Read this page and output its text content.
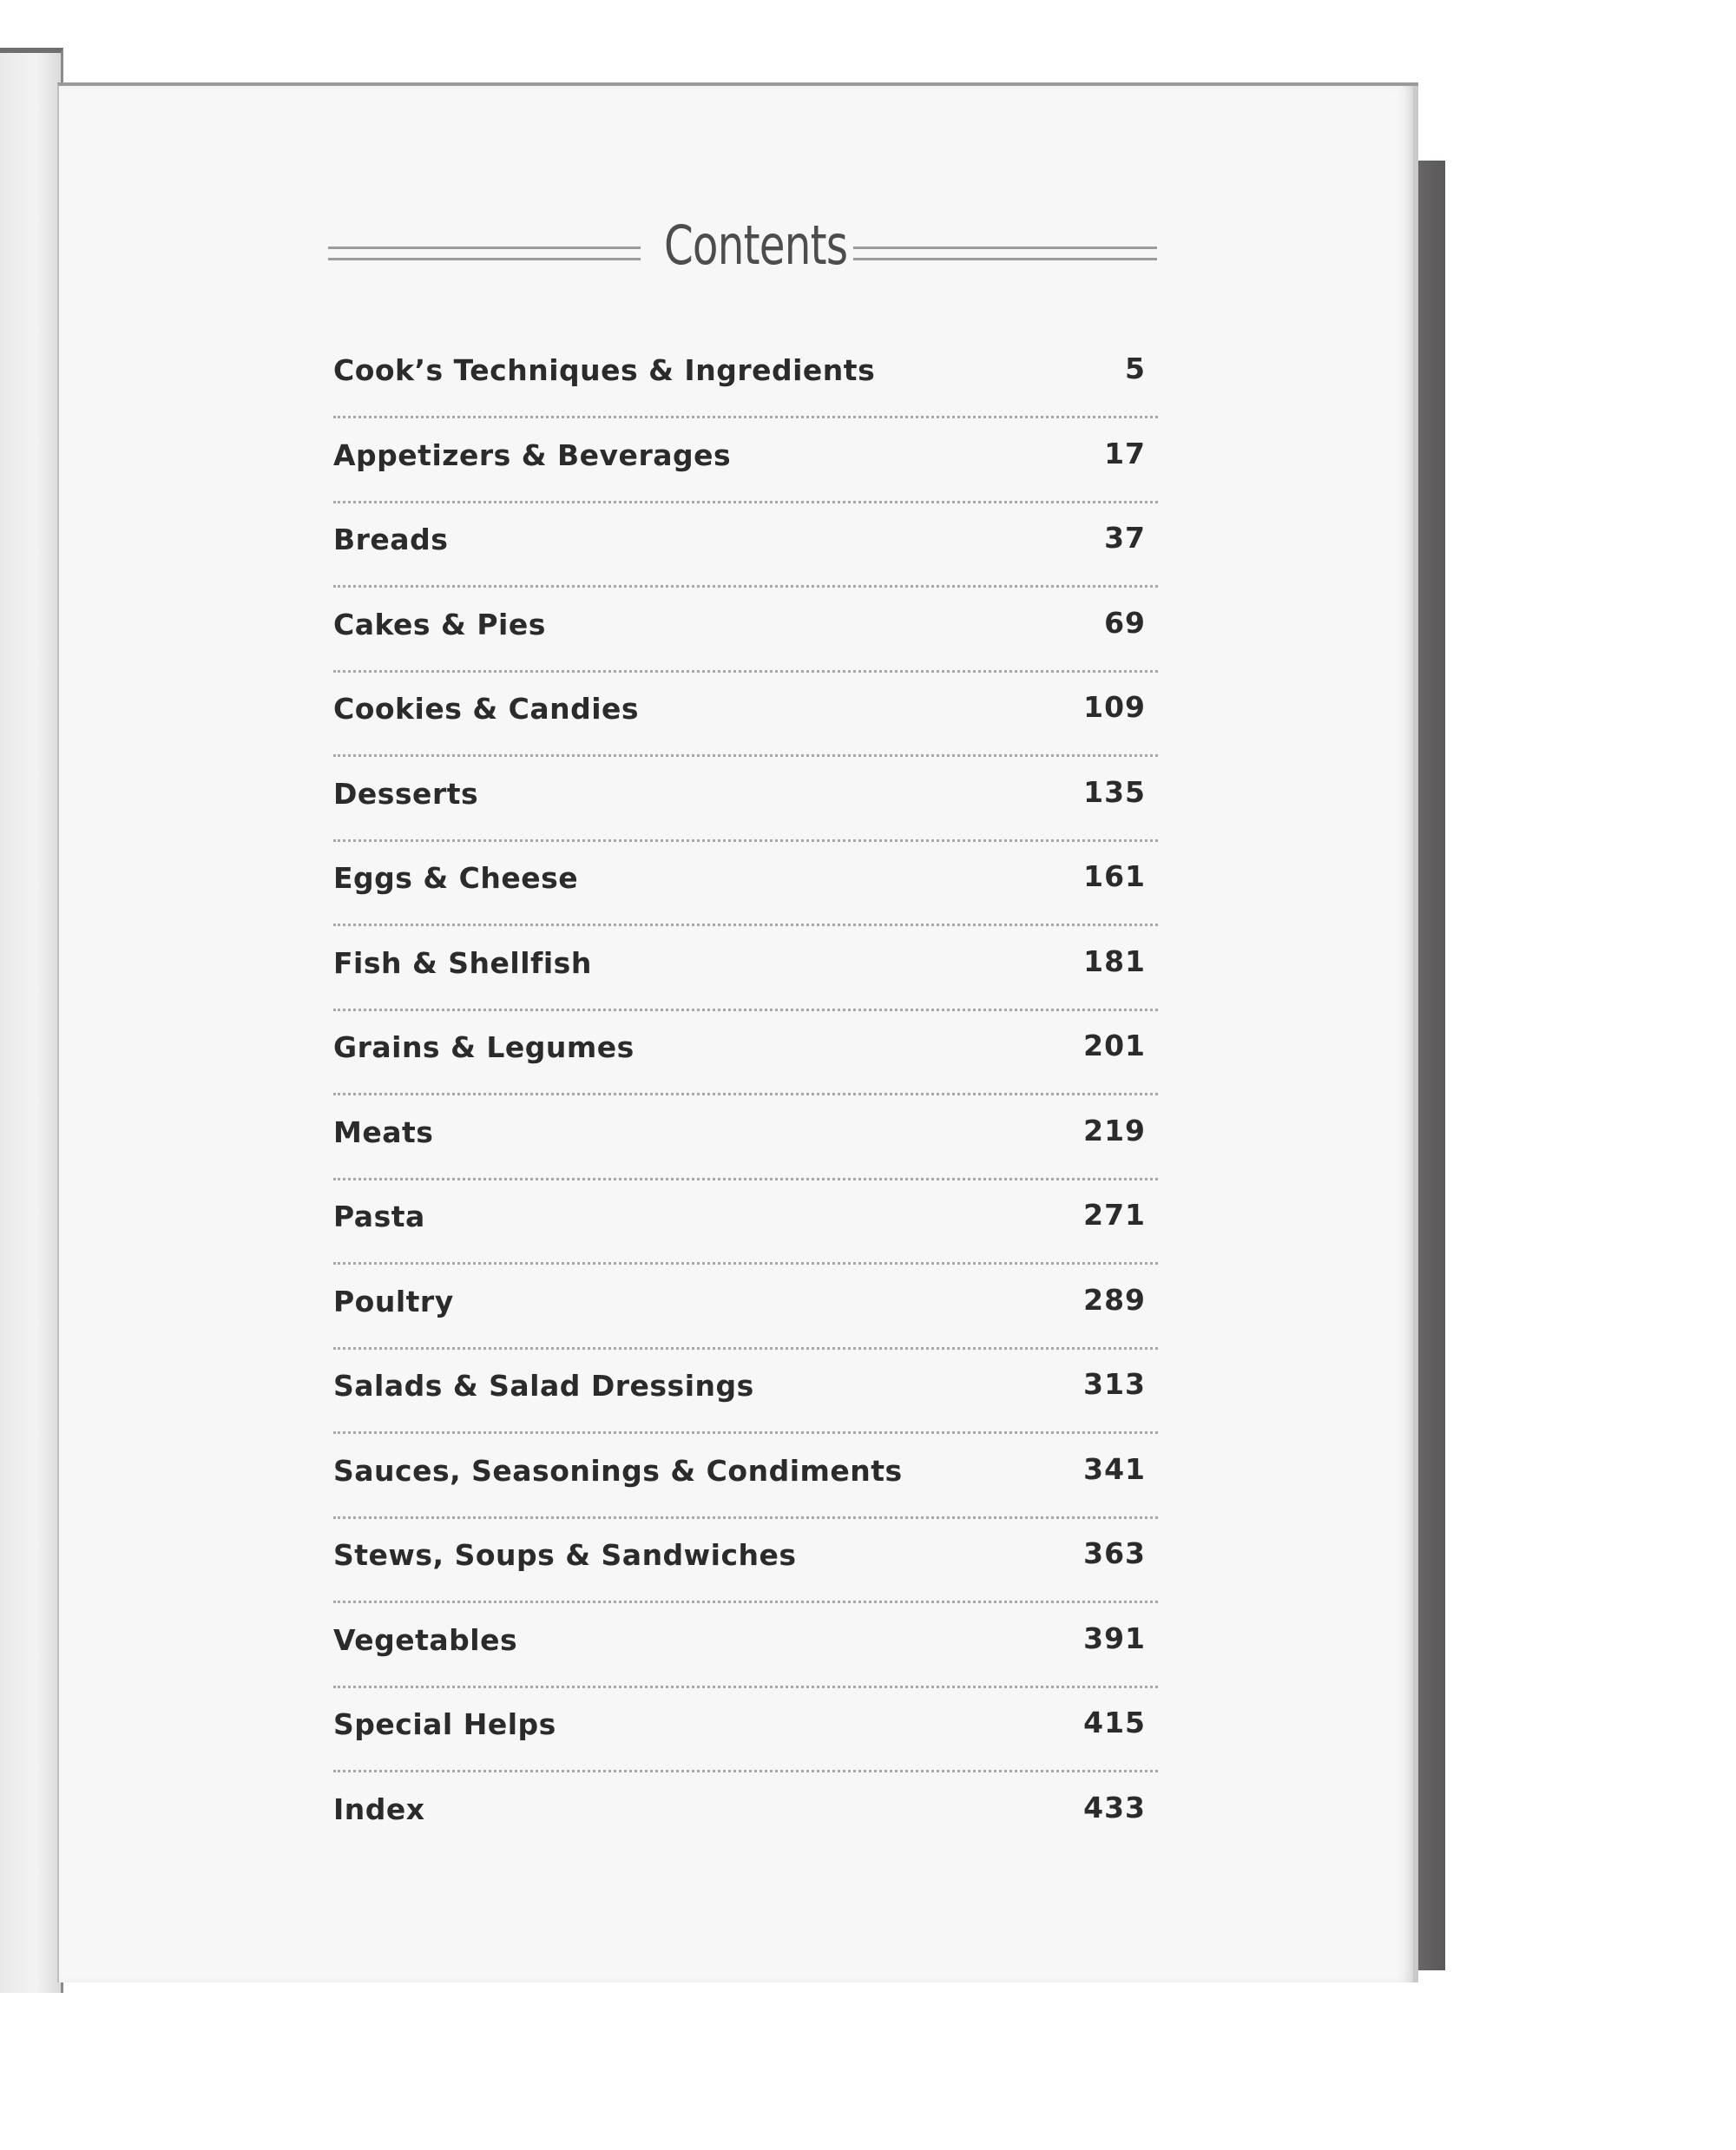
Contents
Cook’s Techniques & Ingredients	5
Appetizers & Beverages	17
Breads	37
Cakes & Pies	69
Cookies & Candies	109
Desserts	135
Eggs & Cheese	161
Fish & Shellfish	181
Grains & Legumes	201
Meats	219
Pasta	271
Poultry	289
Salads & Salad Dressings	313
Sauces, Seasonings & Condiments	341
Stews, Soups & Sandwiches	363
Vegetables	391
Special Helps	415
Index	433
